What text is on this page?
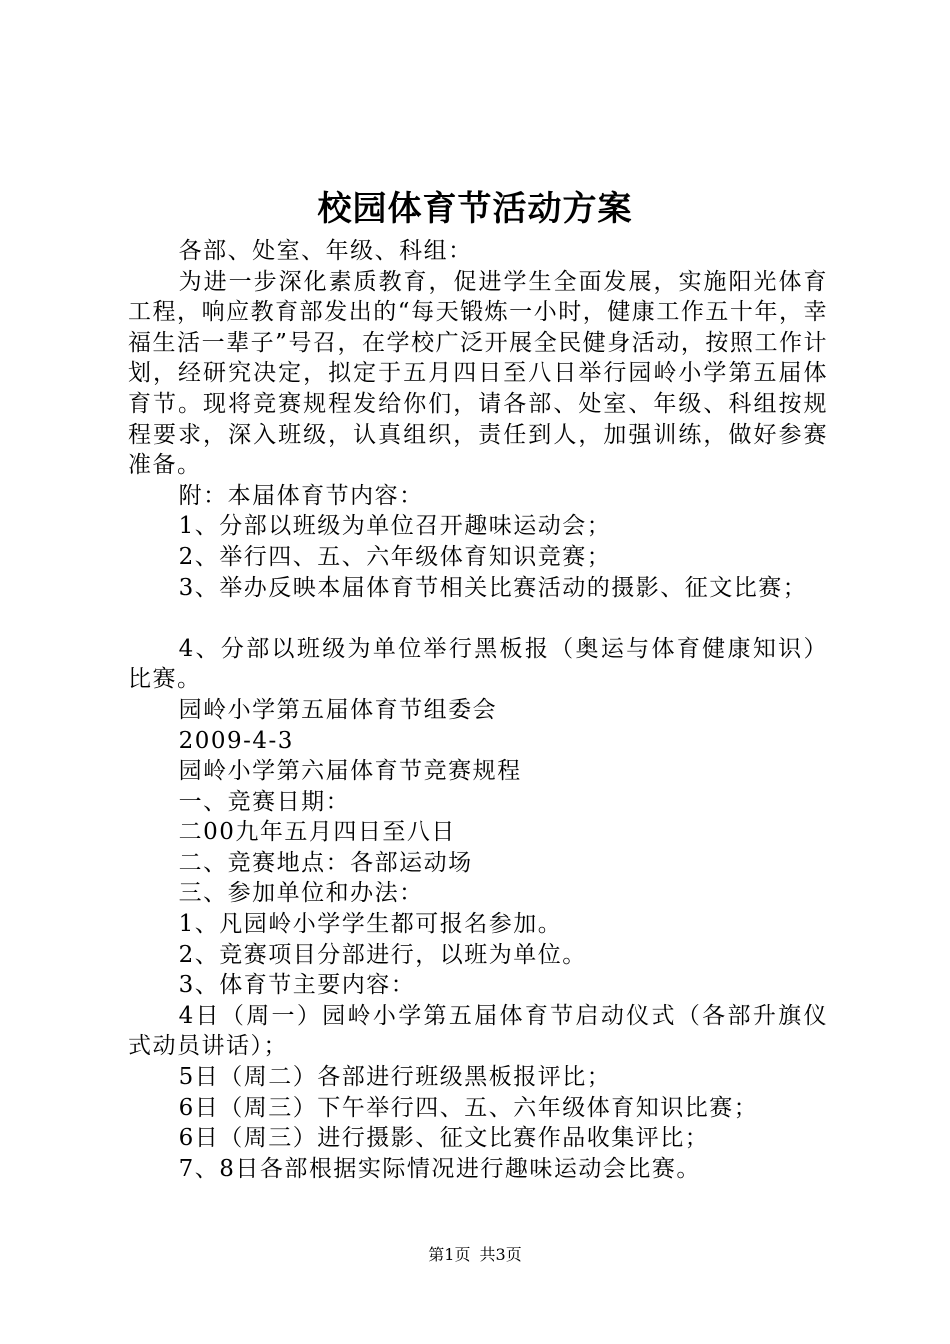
校园体育节活动方案

各部、处室、年级、科组：

为进一步深化素质教育，促进学生全面发展，实施阳光体育工程，响应教育部发出的“每天锻炼一小时，健康工作五十年，幸福生活一辈子”号召，在学校广泛开展全民健身活动，按照工作计划，经研究决定，拟定于五月四日至八日举行园岭小学第五届体育节。现将竞赛规程发给你们，请各部、处室、年级、科组按规程要求，深入班级，认真组织，责任到人，加强训练，做好参赛准备。

附：本届体育节内容：

1、分部以班级为单位召开趣味运动会；

2、举行四、五、六年级体育知识竞赛；

3、举办反映本届体育节相关比赛活动的摄影、征文比赛；

4、分部以班级为单位举行黑板报（奥运与体育健康知识）比赛。

园岭小学第五届体育节组委会

2009-4-3

园岭小学第六届体育节竞赛规程

一、竞赛日期：

二00九年五月四日至八日

二、竞赛地点：各部运动场

三、参加单位和办法：

1、凡园岭小学学生都可报名参加。

2、竞赛项目分部进行，以班为单位。

3、体育节主要内容：

4日（周一）园岭小学第五届体育节启动仪式（各部升旗仪式动员讲话）；

5日（周二）各部进行班级黑板报评比；

6日（周三）下午举行四、五、六年级体育知识比赛；

6日（周三）进行摄影、征文比赛作品收集评比；

7、8日各部根据实际情况进行趣味运动会比赛。

第1页 共3页
